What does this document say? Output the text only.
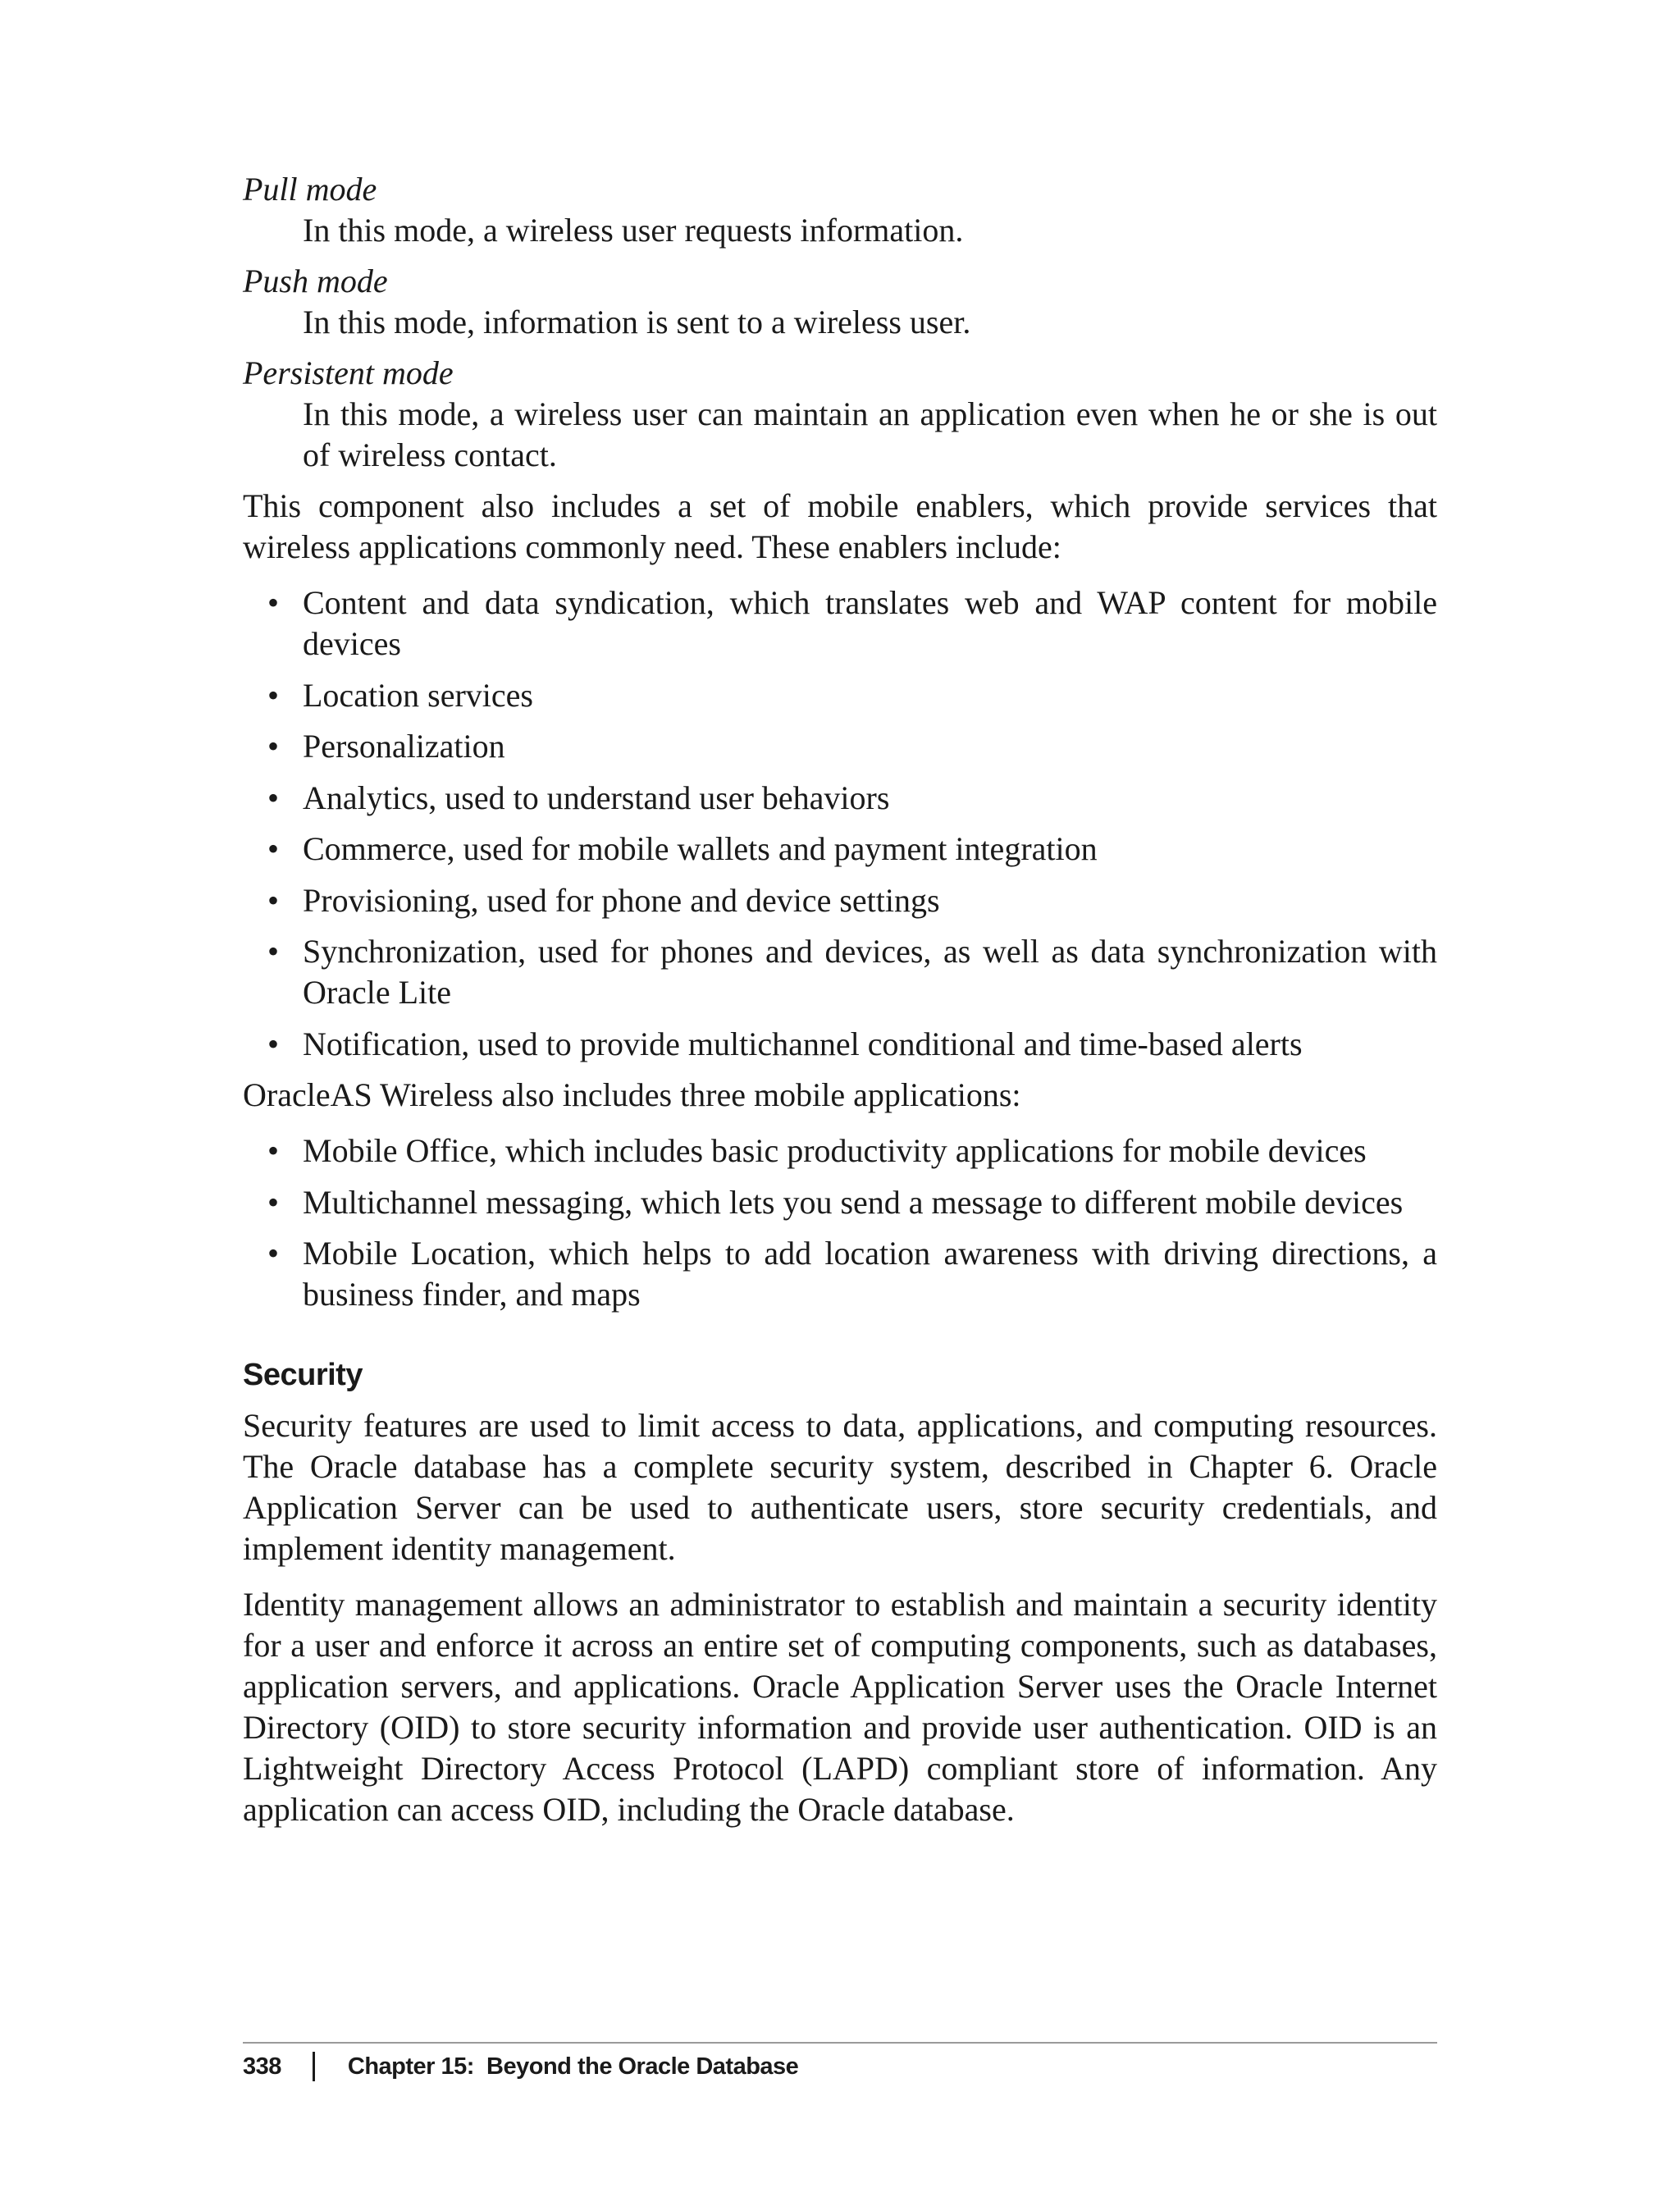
Pull mode

In this mode, a wireless user requests information.

Push mode

In this mode, information is sent to a wireless user.

Persistent mode

In this mode, a wireless user can maintain an application even when he or she is out of wireless contact.

This component also includes a set of mobile enablers, which provide services that wireless applications commonly need. These enablers include:

• Content and data syndication, which translates web and WAP content for mobile devices
• Location services
• Personalization
• Analytics, used to understand user behaviors
• Commerce, used for mobile wallets and payment integration
• Provisioning, used for phone and device settings
• Synchronization, used for phones and devices, as well as data synchronization with Oracle Lite
• Notification, used to provide multichannel conditional and time-based alerts

OracleAS Wireless also includes three mobile applications:

• Mobile Office, which includes basic productivity applications for mobile devices
• Multichannel messaging, which lets you send a message to different mobile devices
• Mobile Location, which helps to add location awareness with driving directions, a business finder, and maps
Security

Security features are used to limit access to data, applications, and computing resources. The Oracle database has a complete security system, described in Chapter 6. Oracle Application Server can be used to authenticate users, store security credentials, and implement identity management.

Identity management allows an administrator to establish and maintain a security identity for a user and enforce it across an entire set of computing components, such as databases, application servers, and applications. Oracle Application Server uses the Oracle Internet Directory (OID) to store security information and provide user authentication. OID is an Lightweight Directory Access Protocol (LAPD) compliant store of information. Any application can access OID, including the Oracle database.

338	Chapter 15:  Beyond the Oracle Database
